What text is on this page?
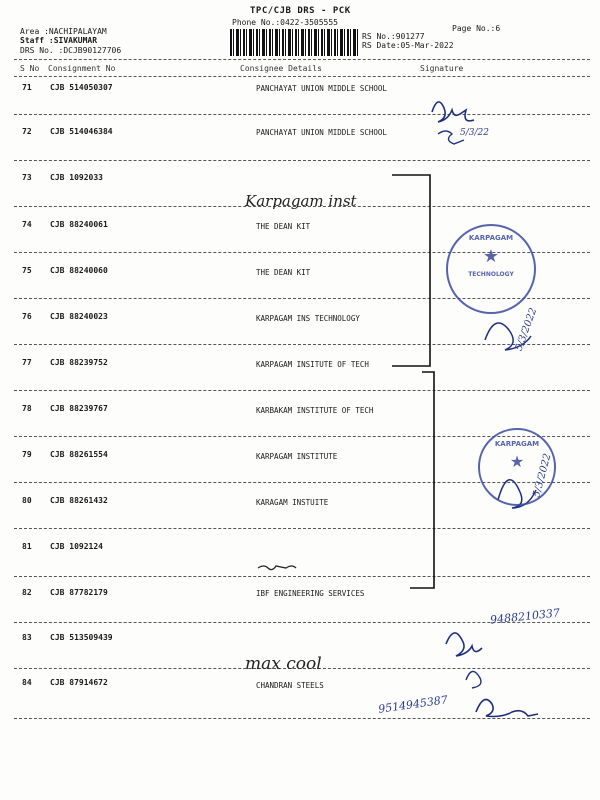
TPC/CJB DRS - PCK
Phone No.:0422-3505555
Area :NACHIPALAYAM
Staff :SIVAKUMAR
DRS No. :DCJB90127706
Page No.:6
RS No.:901277
RS Date:05-Mar-2022
S No Consignment No	Consignee Details	Signature
71 CJB 514050307	PANCHAYAT UNION MIDDLE SCHOOL
72 CJB 514046384	PANCHAYAT UNION MIDDLE SCHOOL
73 CJB 1092033
74 CJB 88240061	THE DEAN KIT
75 CJB 88240060	THE DEAN KIT
76 CJB 88240023	KARPAGAM INS TECHNOLOGY
77 CJB 88239752	KARPAGAM INSITUTE OF TECH
78 CJB 88239767	KARBAKAM INSTITUTE OF TECH
79 CJB 88261554	KARPAGAM INSTITUTE
80 CJB 88261432	KARAGAM INSTUITE
81 CJB 1092124
82 CJB 87782179	IBF ENGINEERING SERVICES
83 CJB 513509439
84 CJB 87914672	CHANDRAN STEELS
Karpagam inst
5/3/22
5/3/2022
5/3/2022
9488210337
max cool
9514945387
KARPAGAM
★
TECHNOLOGY
KARPAGAM
★
